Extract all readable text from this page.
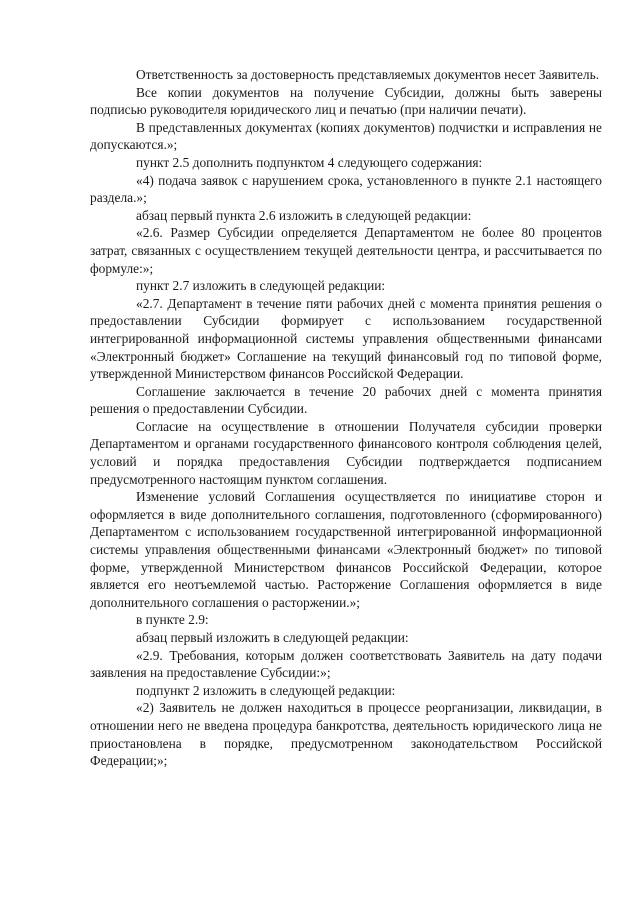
Ответственность за достоверность представляемых документов несет Заявитель.

Все копии документов на получение Субсидии, должны быть заверены подписью руководителя юридического лиц и печатью (при наличии печати).

В представленных документах (копиях документов) подчистки и исправления не допускаются.»;

пункт 2.5 дополнить подпунктом 4 следующего содержания:

«4) подача заявок с нарушением срока, установленного в пункте 2.1 настоящего раздела.»;

абзац первый пункта 2.6 изложить в следующей редакции:

«2.6. Размер Субсидии определяется Департаментом не более 80 процентов затрат, связанных с осуществлением текущей деятельности центра, и рассчитывается по формуле:»;

пункт 2.7 изложить в следующей редакции:

«2.7. Департамент в течение пяти рабочих дней с момента принятия решения о предоставлении Субсидии формирует с использованием государственной интегрированной информационной системы управления общественными финансами «Электронный бюджет» Соглашение на текущий финансовый год по типовой форме, утвержденной Министерством финансов Российской Федерации.

Соглашение заключается в течение 20 рабочих дней с момента принятия решения о предоставлении Субсидии.

Согласие на осуществление в отношении Получателя субсидии проверки Департаментом и органами государственного финансового контроля соблюдения целей, условий и порядка предоставления Субсидии подтверждается подписанием предусмотренного настоящим пунктом соглашения.

Изменение условий Соглашения осуществляется по инициативе сторон и оформляется в виде дополнительного соглашения, подготовленного (сформированного) Департаментом с использованием государственной интегрированной информационной системы управления общественными финансами «Электронный бюджет» по типовой форме, утвержденной Министерством финансов Российской Федерации, которое является его неотъемлемой частью. Расторжение Соглашения оформляется в виде дополнительного соглашения о расторжении.»;

в пункте 2.9:

абзац первый изложить в следующей редакции:

«2.9. Требования, которым должен соответствовать Заявитель на дату подачи заявления на предоставление Субсидии:»;

подпункт 2 изложить в следующей редакции:

«2) Заявитель не должен находиться в процессе реорганизации, ликвидации, в отношении него не введена процедура банкротства, деятельность юридического лица не приостановлена в порядке, предусмотренном законодательством Российской Федерации;»;
